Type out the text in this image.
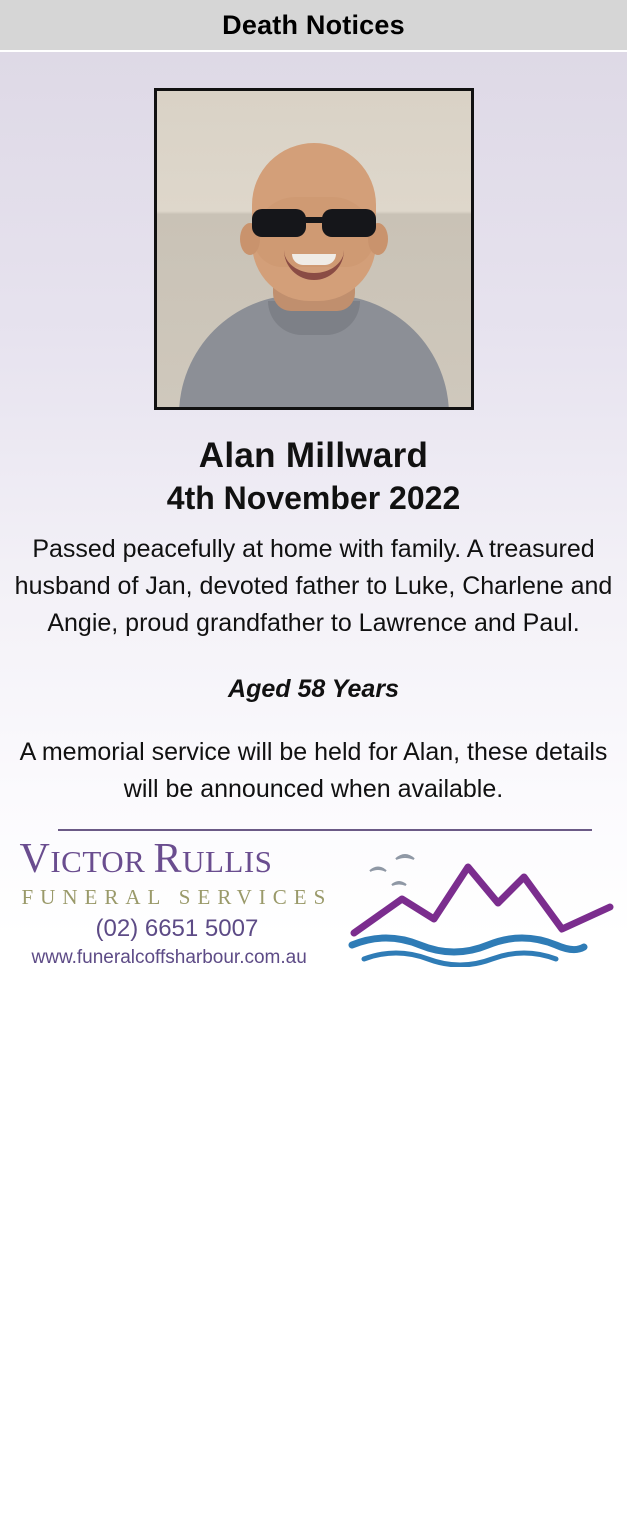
Death Notices
Alan Millward
4th November 2022
Passed peacefully at home with family. A treasured husband of Jan, devoted father to Luke, Charlene and Angie, proud grandfather to Lawrence and Paul.
Aged 58 Years
A memorial service will be held for Alan, these details will be announced when available.
VICTOR RULLIS
FUNERAL SERVICES
(02) 6651 5007
www.funeralcoffsharbour.com.au
